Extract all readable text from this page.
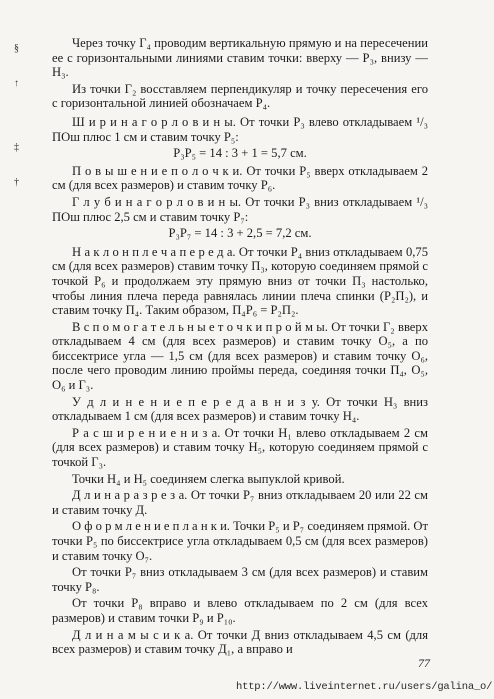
§
↑
‡
†

Через точку Г₄ проводим вертикальную прямую и на пересечении ее с горизонтальными линиями ставим точки: вверху — Р₃, внизу — Н₃.

Из точки Г₂ восставляем перпендикуляр и точку пересечения его с горизонтальной линией обозначаем Р₄.

Ш и р и н а г о р л о в и н ы. От точки Р₃ влево откладываем ¹/₃ ПОш плюс 1 см и ставим точку Р₅:

Р₃Р₅ = 14 : 3 + 1 = 5,7 см.

П о в ы ш е н и е п о л о ч к и. От точки Р₅ вверх откладываем 2 см (для всех размеров) и ставим точку Р₆.

Г л у б и н а г о р л о в и н ы. От точки Р₃ вниз откладываем ¹/₃ ПОш плюс 2,5 см и ставим точку Р₇:

Р₃Р₇ = 14 : 3 + 2,5 = 7,2 см.

Н а к л о н п л е ч а п е р е д а. От точки Р₄ вниз откладываем 0,75 см (для всех размеров) ставим точку П₃, которую соединяем прямой с точкой Р₆ и продолжаем эту прямую вниз от точки П₃ настолько, чтобы линия плеча переда равнялась линии плеча спинки (Р₂П₂), и ставим точку П₄. Таким образом, П₄Р₆ = Р₂П₂.

В с п о м о г а т е л ь н ы е т о ч к и п р о й м ы. От точки Г₂ вверх откладываем 4 см (для всех размеров) и ставим точку О₅, а по биссектрисе угла — 1,5 см (для всех размеров) и ставим точку О₆, после чего проводим линию проймы переда, соединяя точки П₄, О₅, О₆ и Г₃.

У д л и н е н и е п е р е д а в н и з у. От точки Н₃ вниз откладываем 1 см (для всех размеров) и ставим точку Н₄.

Р а с ш и р е н и е н и з а. От точки Н₁ влево откладываем 2 см (для всех размеров) и ставим точку Н₅, которую соединяем прямой с точкой Г₃.

Точки Н₄ и Н₅ соединяем слегка выпуклой кривой.

Д л и н а р а з р е з а. От точки Р₇ вниз откладываем 20 или 22 см и ставим точку Д.

О ф о р м л е н и е п л а н к и. Точки Р₅ и Р₇ соединяем прямой. От точки Р₅ по биссектрисе угла откладываем 0,5 см (для всех размеров) и ставим точку О₇.

От точки Р₇ вниз откладываем 3 см (для всех размеров) и ставим точку Р₈.

От точки Р₈ вправо и влево откладываем по 2 см (для всех размеров) и ставим точки Р₉ и Р₁₀.

Д л и н а м ы с и к а. От точки Д вниз откладываем 4,5 см (для всех размеров) и ставим точку Д₁, а вправо и

77
http://www.liveinternet.ru/users/galina_o/
